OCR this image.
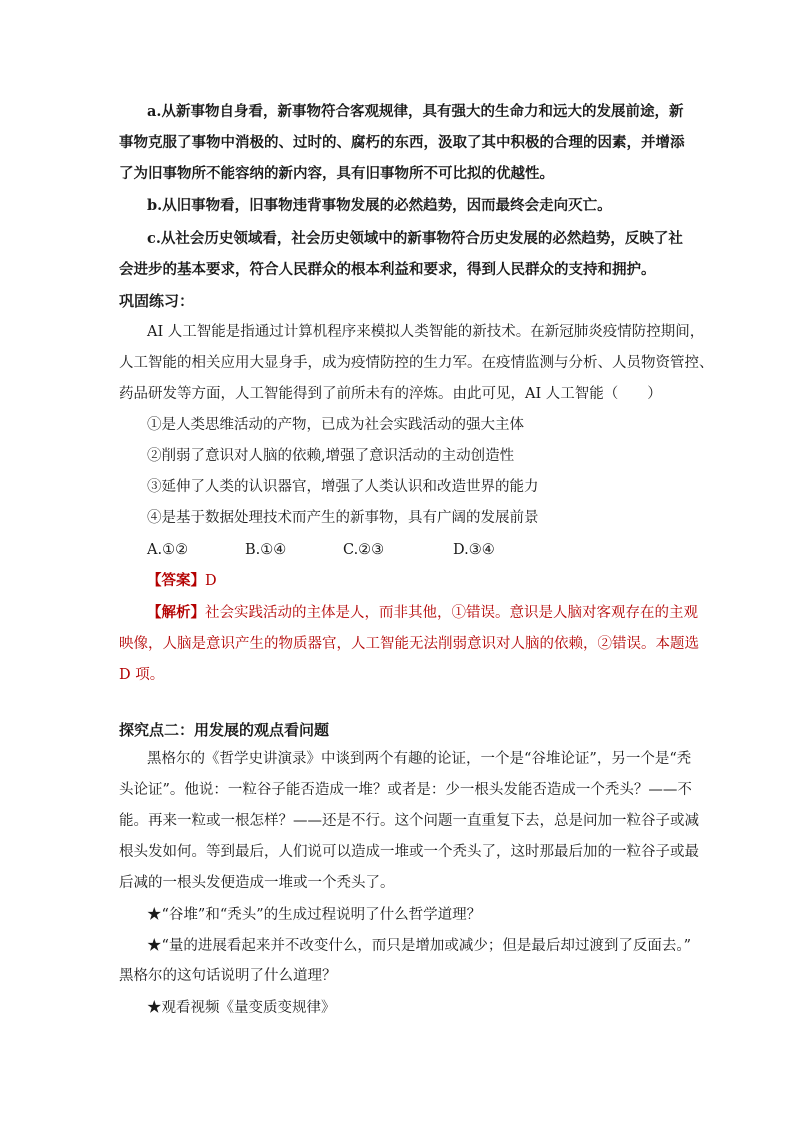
a.从新事物自身看，新事物符合客观规律，具有强大的生命力和远大的发展前途，新
事物克服了事物中消极的、过时的、腐朽的东西，汲取了其中积极的合理的因素，并增添
了为旧事物所不能容纳的新内容，具有旧事物所不可比拟的优越性。
b.从旧事物看，旧事物违背事物发展的必然趋势，因而最终会走向灭亡。
c.从社会历史领域看，社会历史领域中的新事物符合历史发展的必然趋势，反映了社
会进步的基本要求，符合人民群众的根本利益和要求，得到人民群众的支持和拥护。
巩固练习：
AI 人工智能是指通过计算机程序来模拟人类智能的新技术。在新冠肺炎疫情防控期间，
人工智能的相关应用大显身手，成为疫情防控的生力军。在疫情监测与分析、人员物资管控、
药品研发等方面，人工智能得到了前所未有的淬炼。由此可见，AI 人工智能（　　）
①是人类思维活动的产物，已成为社会实践活动的强大主体
②削弱了意识对人脑的依赖,增强了意识活动的主动创造性
③延伸了人类的认识器官，增强了人类认识和改造世界的能力
④是基于数据处理技术而产生的新事物，具有广阔的发展前景
A.①②	B.①④	C.②③	D.③④
【答案】D
【解析】社会实践活动的主体是人，而非其他，①错误。意识是人脑对客观存在的主观
映像，人脑是意识产生的物质器官，人工智能无法削弱意识对人脑的依赖，②错误。本题选
D 项。
探究点二：用发展的观点看问题
黑格尔的《哲学史讲演录》中谈到两个有趣的论证，一个是“谷堆论证”，另一个是“秃
头论证”。他说：一粒谷子能否造成一堆？或者是：少一根头发能否造成一个秃头？——不
能。再来一粒或一根怎样？——还是不行。这个问题一直重复下去，总是问加一粒谷子或减
根头发如何。等到最后，人们说可以造成一堆或一个秃头了，这时那最后加的一粒谷子或最
后减的一根头发便造成一堆或一个秃头了。
★“谷堆”和“秃头”的生成过程说明了什么哲学道理？
★“量的进展看起来并不改变什么，而只是增加或减少；但是最后却过渡到了反面去。”
黑格尔的这句话说明了什么道理？
★观看视频《量变质变规律》
